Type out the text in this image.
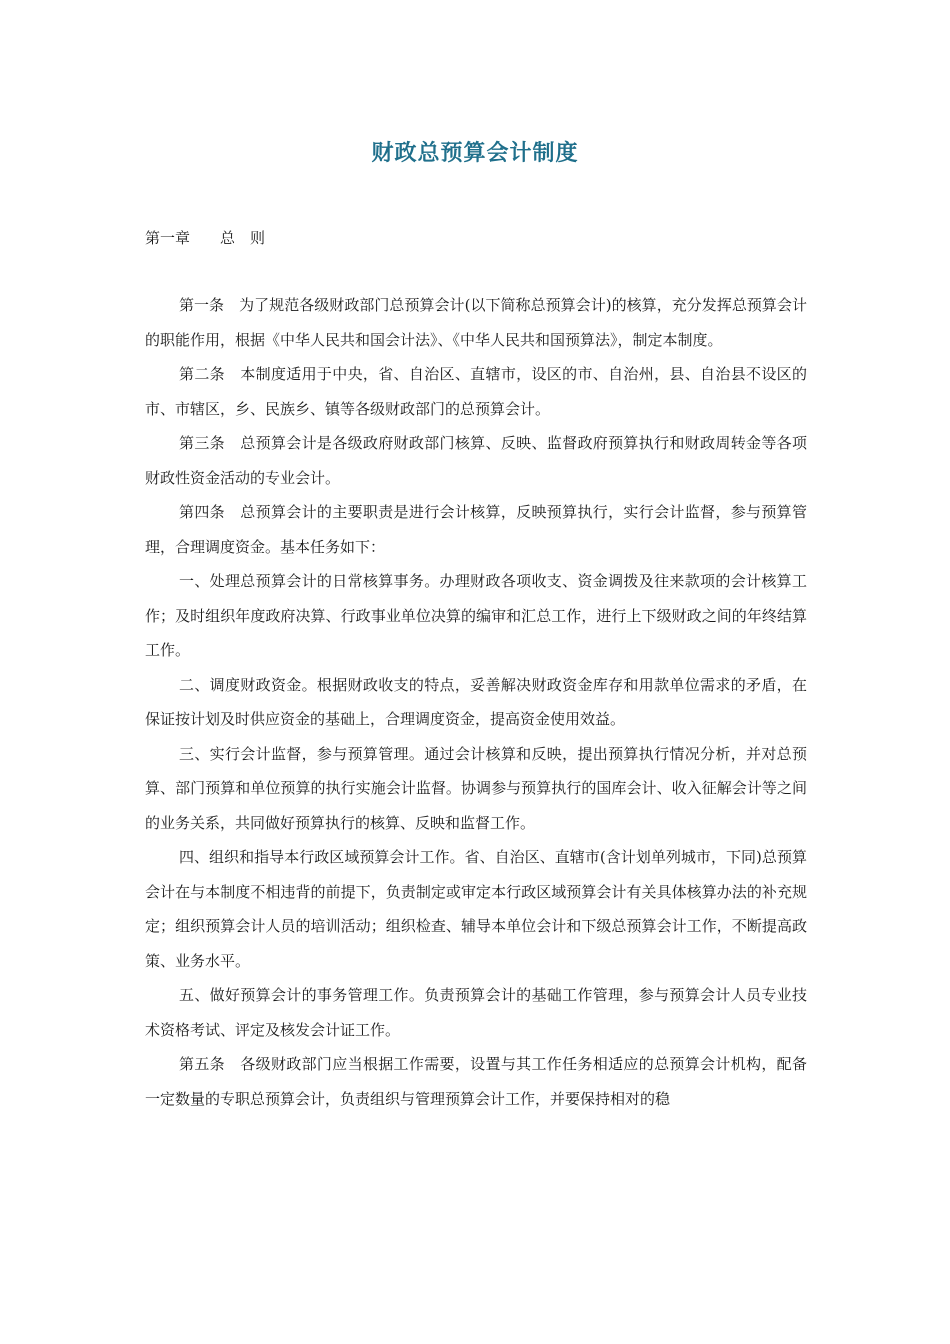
财政总预算会计制度

第一章　　总　则

第一条　为了规范各级财政部门总预算会计(以下简称总预算会计)的核算，充分发挥总预算会计的职能作用，根据《中华人民共和国会计法》、《中华人民共和国预算法》，制定本制度。

第二条　本制度适用于中央，省、自治区、直辖市，设区的市、自治州，县、自治县不设区的市、市辖区，乡、民族乡、镇等各级财政部门的总预算会计。

第三条　总预算会计是各级政府财政部门核算、反映、监督政府预算执行和财政周转金等各项财政性资金活动的专业会计。

第四条　总预算会计的主要职责是进行会计核算，反映预算执行，实行会计监督，参与预算管理，合理调度资金。基本任务如下：

一、处理总预算会计的日常核算事务。办理财政各项收支、资金调拨及往来款项的会计核算工作；及时组织年度政府决算、行政事业单位决算的编审和汇总工作，进行上下级财政之间的年终结算工作。

二、调度财政资金。根据财政收支的特点，妥善解决财政资金库存和用款单位需求的矛盾，在保证按计划及时供应资金的基础上，合理调度资金，提高资金使用效益。

三、实行会计监督，参与预算管理。通过会计核算和反映，提出预算执行情况分析，并对总预算、部门预算和单位预算的执行实施会计监督。协调参与预算执行的国库会计、收入征解会计等之间的业务关系，共同做好预算执行的核算、反映和监督工作。

四、组织和指导本行政区域预算会计工作。省、自治区、直辖市(含计划单列城市，下同)总预算会计在与本制度不相违背的前提下，负责制定或审定本行政区域预算会计有关具体核算办法的补充规定；组织预算会计人员的培训活动；组织检查、辅导本单位会计和下级总预算会计工作，不断提高政策、业务水平。

五、做好预算会计的事务管理工作。负责预算会计的基础工作管理，参与预算会计人员专业技术资格考试、评定及核发会计证工作。

第五条　各级财政部门应当根据工作需要，设置与其工作任务相适应的总预算会计机构，配备一定数量的专职总预算会计，负责组织与管理预算会计工作，并要保持相对的稳
